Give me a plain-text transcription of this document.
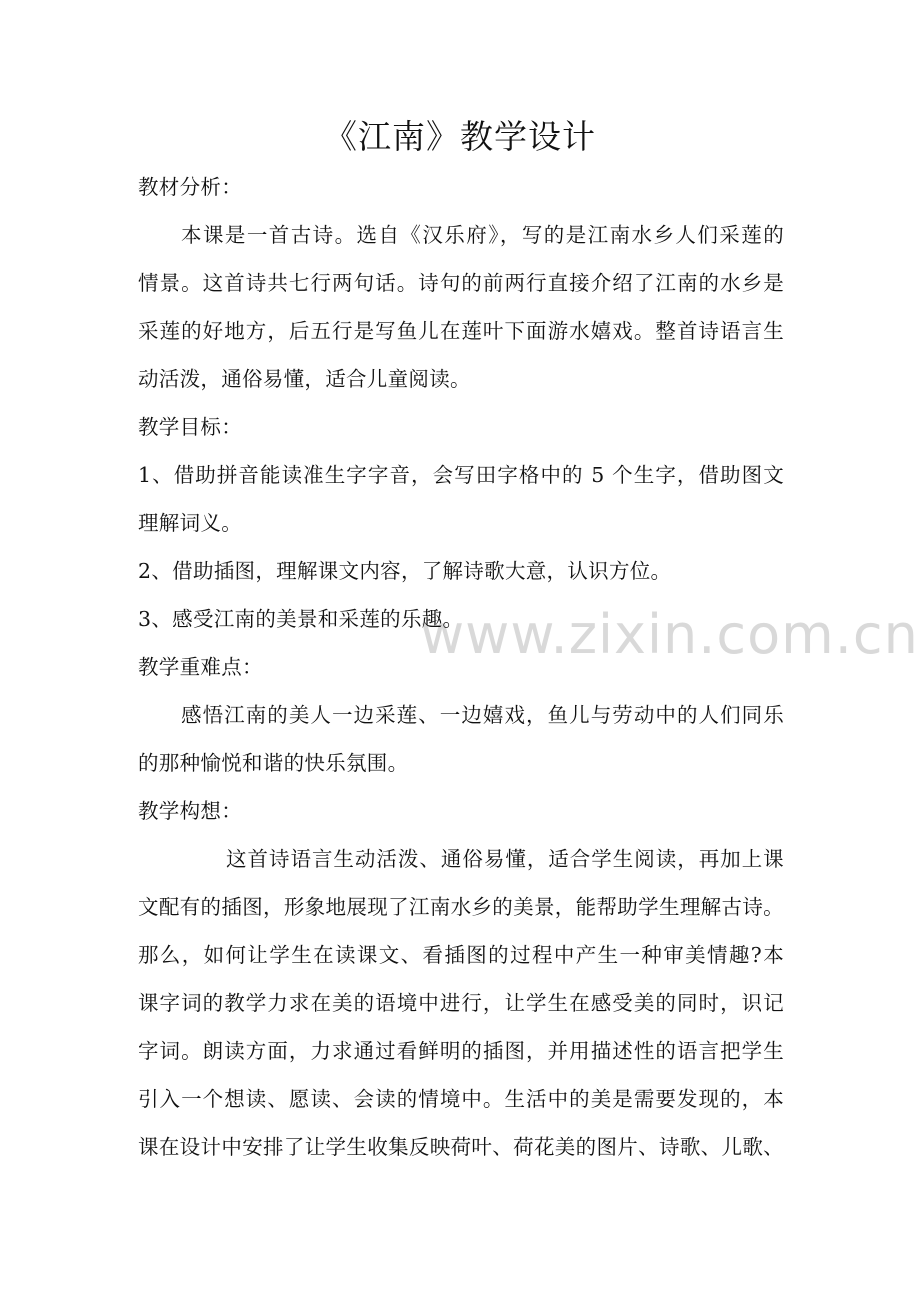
www.zixin.com.cn
《江南》教学设计

教材分析：

本课是一首古诗。选自《汉乐府》，写的是江南水乡人们采莲的

情景。这首诗共七行两句话。诗句的前两行直接介绍了江南的水乡是

采莲的好地方，后五行是写鱼儿在莲叶下面游水嬉戏。整首诗语言生

动活泼，通俗易懂，适合儿童阅读。

教学目标：

1、借助拼音能读准生字字音，会写田字格中的 5 个生字，借助图文

理解词义。

2、借助插图，理解课文内容，了解诗歌大意，认识方位。

3、感受江南的美景和采莲的乐趣。

教学重难点：

感悟江南的美人一边采莲、一边嬉戏，鱼儿与劳动中的人们同乐

的那种愉悦和谐的快乐氛围。

教学构想：

这首诗语言生动活泼、通俗易懂，适合学生阅读，再加上课

文配有的插图，形象地展现了江南水乡的美景，能帮助学生理解古诗。

那么，如何让学生在读课文、看插图的过程中产生一种审美情趣?本

课字词的教学力求在美的语境中进行，让学生在感受美的同时，识记

字词。朗读方面，力求通过看鲜明的插图，并用描述性的语言把学生

引入一个想读、愿读、会读的情境中。生活中的美是需要发现的，本

课在设计中安排了让学生收集反映荷叶、荷花美的图片、诗歌、儿歌、
